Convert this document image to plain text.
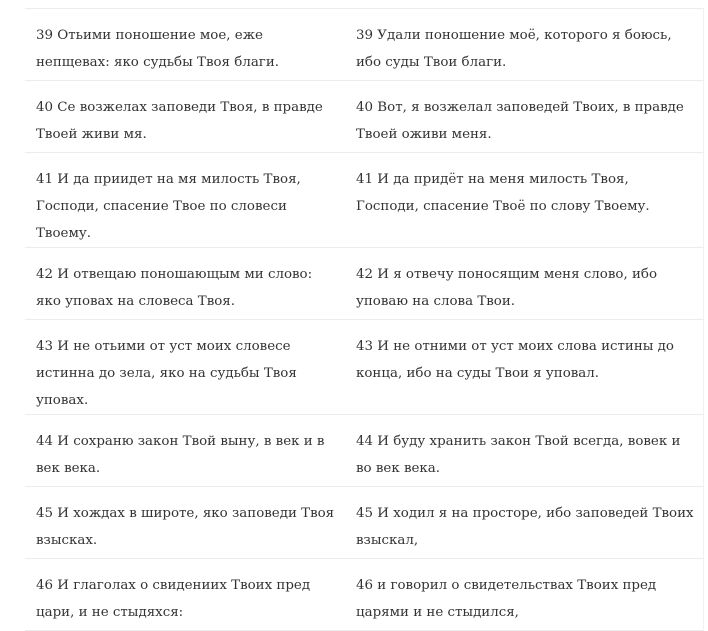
39 Отьими поношение мое, еже непщевах: яко судьбы Твоя благи.	39 Удали поношение моё, которого я боюсь, ибо суды Твои благи.
40 Се возжелах заповеди Твоя, в правде Твоей живи мя.	40 Вот, я возжелал заповедей Твоих, в правде Твоей оживи меня.
41 И да приидет на мя милость Твоя, Господи, спасение Твое по словеси Твоему.	41 И да придёт на меня милость Твоя, Господи, спасение Твоё по слову Твоему.
42 И отвещаю поношающым ми слово: яко уповах на словеса Твоя.	42 И я отвечу поносящим меня слово, ибо уповаю на слова Твои.
43 И не отьими от уст моих словесе истинна до зела, яко на судьбы Твоя уповах.	43 И не отними от уст моих слова истины до конца, ибо на суды Твои я уповал.
44 И сохраню закон Твой выну, в век и в век века.	44 И буду хранить закон Твой всегда, вовек и во век века.
45 И хождах в широте, яко заповеди Твоя взысках.	45 И ходил я на просторе, ибо заповедей Твоих взыскал,
46 И глаголах о свидениих Твоих пред цари, и не стыдяхся:	46 и говорил о свидетельствах Твоих пред царями и не стыдился,
